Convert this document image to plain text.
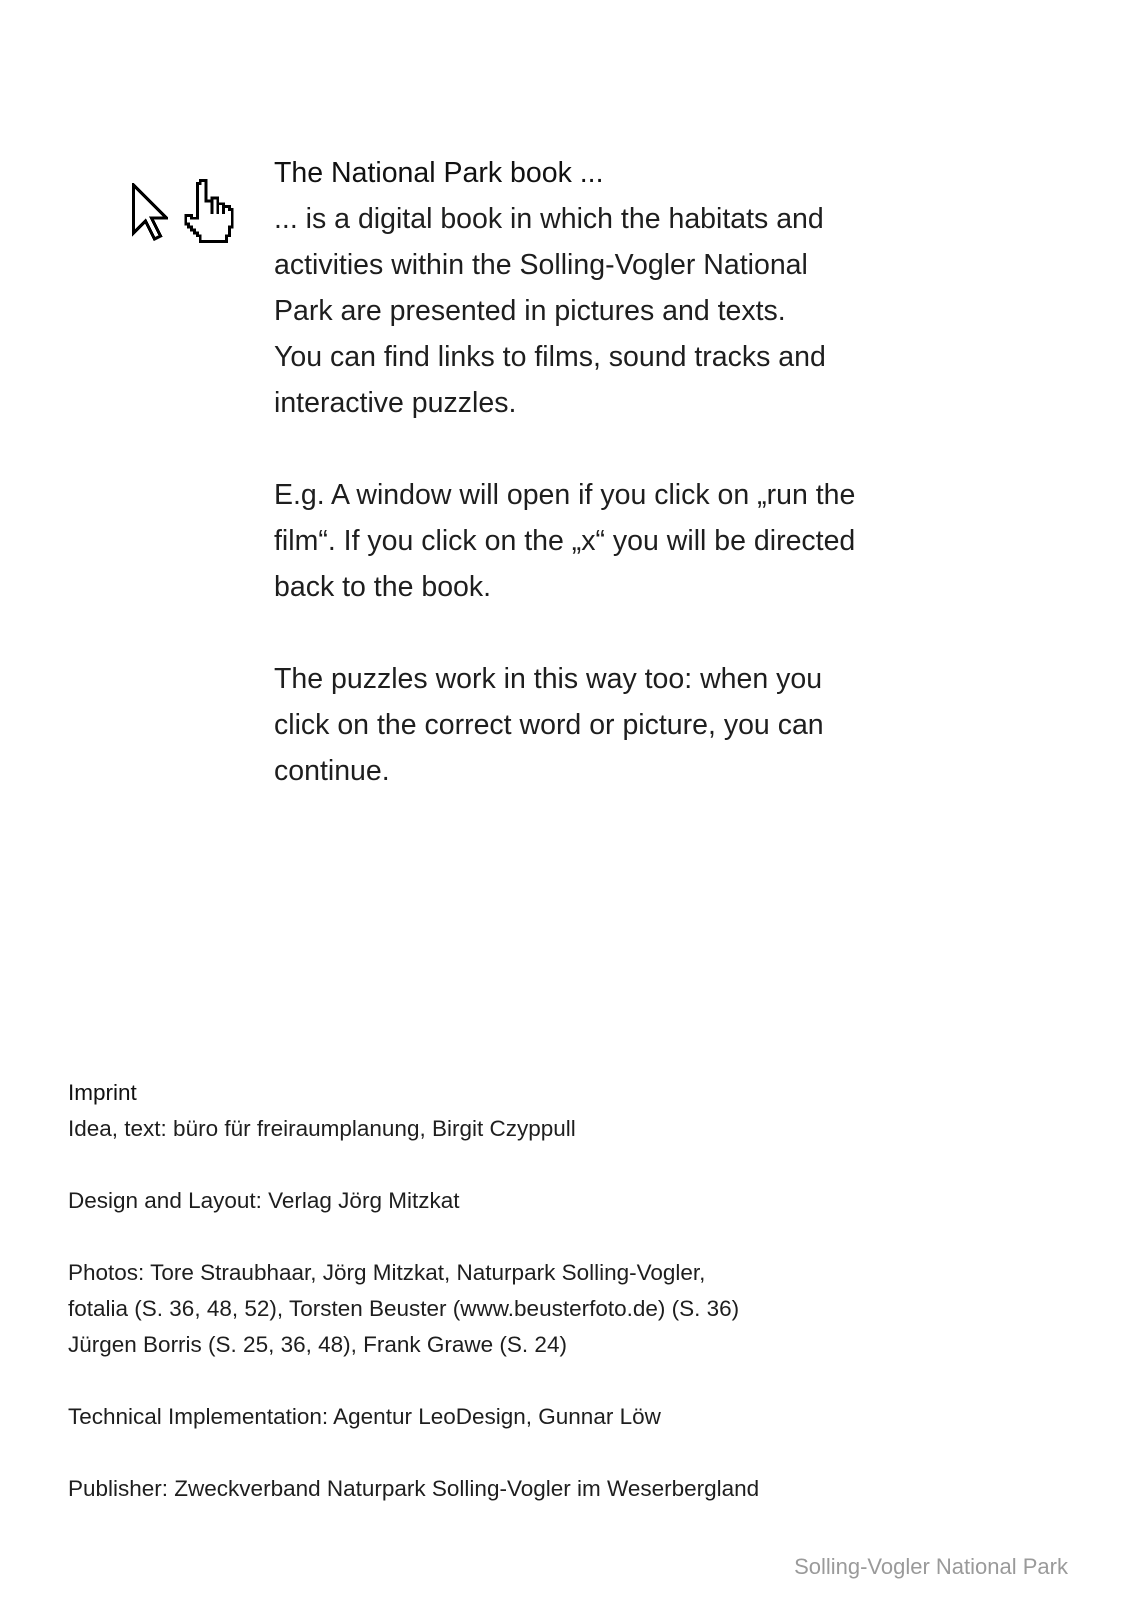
The National Park book ...
... is a digital book in which the habitats and
activities within the Solling-Vogler National
Park are presented in pictures and texts.
You can find links to films, sound tracks and
interactive puzzles.

E.g. A window will open if you click on „run the
film“. If you click on the „x“ you will be directed
back to the book.

The puzzles work in this way too: when you
click on the correct word or picture, you can
continue.

Imprint
Idea, text: büro für freiraumplanung, Birgit Czyppull
Design and Layout: Verlag Jörg Mitzkat
Photos: Tore Straubhaar, Jörg Mitzkat, Naturpark Solling-Vogler,
fotalia (S. 36, 48, 52), Torsten Beuster (www.beusterfoto.de) (S. 36)
Jürgen Borris (S. 25, 36, 48), Frank Grawe (S. 24)
Technical Implementation: Agentur LeoDesign, Gunnar Löw
Publisher: Zweckverband Naturpark Solling-Vogler im Weserbergland
Solling-Vogler National Park
